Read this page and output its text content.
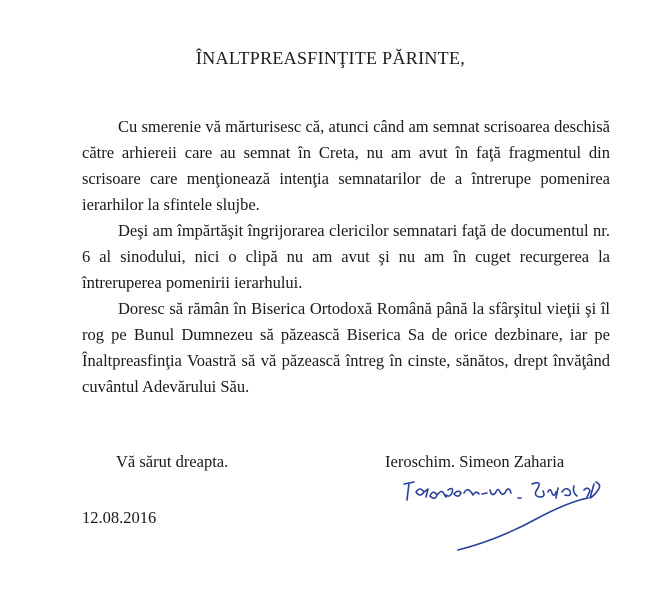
ÎNALTPREASFINŢITE PĂRINTE,

Cu smerenie vă mărturisesc că, atunci când am semnat scrisoarea deschisă către arhiereii care au semnat în Creta, nu am avut în faţă fragmentul din scrisoare care menţionează intenţia semnatarilor de a întrerupe pomenirea ierarhilor la sfintele slujbe.

Deşi am împărtăşit îngrijorarea clericilor semnatari faţă de documentul nr. 6 al sinodului, nici o clipă nu am avut şi nu am în cuget recurgerea la întreruperea pomenirii ierarhului.

Doresc să rămân în Biserica Ortodoxă Română până la sfârşitul vieţii şi îl rog pe Bunul Dumnezeu să păzească Biserica Sa de orice dezbinare, iar pe Înaltpreasfinţia Voastră să vă păzească întreg în cinste, sănătos, drept învăţând cuvântul Adevărului Său.

Vă sărut dreapta.	Ieroschim. Simeon Zaharia
12.08.2016
